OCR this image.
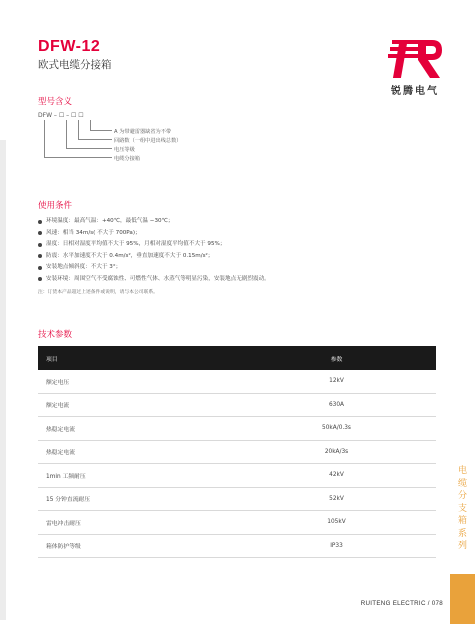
DFW-12
欧式电缆分接箱
锐腾电气
型号含义
DFW – ☐ – ☐ ☐
A 为带避雷器缺省为不带
回路数（一组中进出线总数）
电压等级
电缆分接箱
使用条件
环境温度：最高气温：+40℃，最低气温 −30℃；
风速：相当 34m/s( 不大于 700Pa)；
湿度：日相对湿度平均值不大于 95%，月相对湿度平均值不大于 95%；
防震：水平加速度不大于 0.4m/s²，垂直加速度不大于 0.15m/s²；
安装地点倾斜度：不大于 3°；
安装环境：周围空气不受腐蚀性、可燃性气体、水蒸气等明显污染，安装地点无剧烈震动。
注：订货本产品超过上述条件或说明，请与本公司联系。
技术参数
项目	参数
额定电压	12kV
额定电流	630A
热稳定电流	50kA/0.3s
热稳定电流	20kA/3s
1min 工频耐压	42kV
15 分钟直流耐压	52kV
雷电冲击耐压	105kV
箱体防护等级	IP33
电
缆
分
支
箱
系
列
RUITENG ELECTRIC / 078
